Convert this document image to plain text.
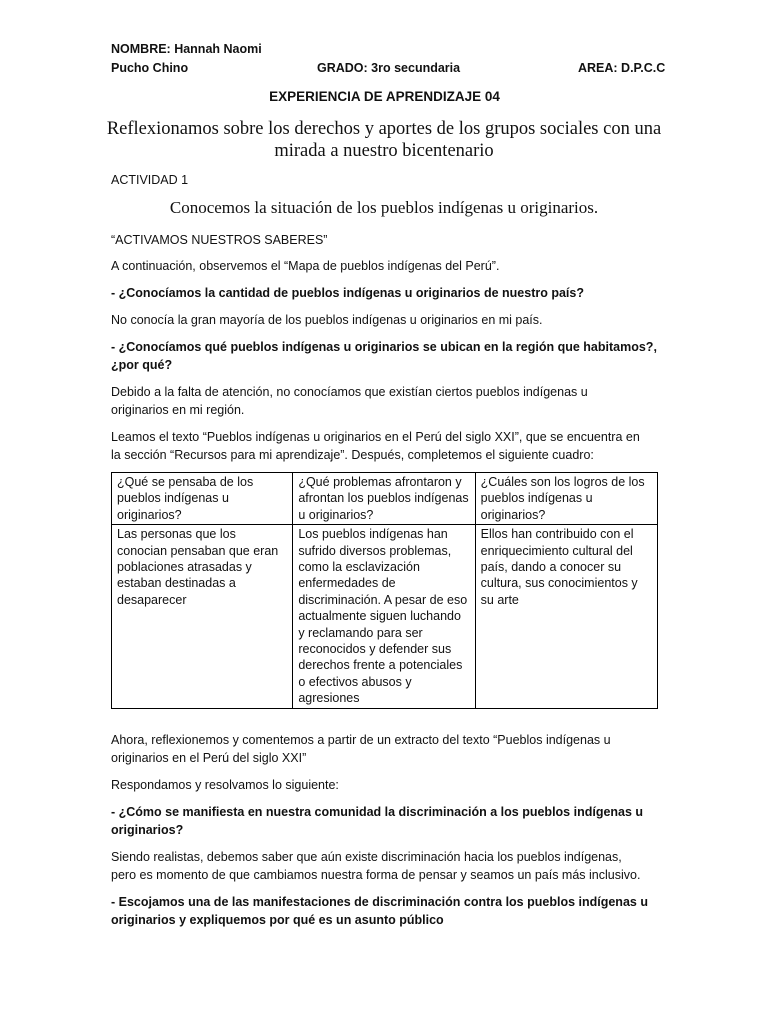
NOMBRE: Hannah Naomi
Pucho Chino	GRADO: 3ro secundaria	AREA: D.P.C.C
EXPERIENCIA DE APRENDIZAJE 04
Reflexionamos sobre los derechos y aportes de los grupos sociales con una
mirada a nuestro bicentenario
ACTIVIDAD 1
Conocemos la situación de los pueblos indígenas u originarios.
“ACTIVAMOS NUESTROS SABERES”
A continuación, observemos el “Mapa de pueblos indígenas del Perú”.
- ¿Conocíamos la cantidad de pueblos indígenas u originarios de nuestro país?
No conocía la gran mayoría de los pueblos indígenas u originarios en mi país.
- ¿Conocíamos qué pueblos indígenas u originarios se ubican en la región que habitamos?,
¿por qué?
Debido a la falta de atención, no conocíamos que existían ciertos pueblos indígenas u
originarios en mi región.
Leamos el texto “Pueblos indígenas u originarios en el Perú del siglo XXI”, que se encuentra en
la sección “Recursos para mi aprendizaje”. Después, completemos el siguiente cuadro:
¿Qué se pensaba de los pueblos indígenas u originarios?	¿Qué problemas afrontaron y afrontan los pueblos indígenas u originarios?	¿Cuáles son los logros de los pueblos indígenas u originarios?
Las personas que los conocian pensaban que eran poblaciones atrasadas y estaban destinadas a desaparecer	Los pueblos indígenas han sufrido diversos problemas, como la esclavización enfermedades de discriminación. A pesar de eso actualmente siguen luchando y reclamando para ser reconocidos y defender sus derechos frente a potenciales o efectivos abusos y agresiones	Ellos han contribuido con el enriquecimiento cultural del país, dando a conocer su cultura, sus conocimientos y su arte
Ahora, reflexionemos y comentemos a partir de un extracto del texto “Pueblos indígenas u
originarios en el Perú del siglo XXI”
Respondamos y resolvamos lo siguiente:
- ¿Cómo se manifiesta en nuestra comunidad la discriminación a los pueblos indígenas u
originarios?
Siendo realistas, debemos saber que aún existe discriminación hacia los pueblos indígenas,
pero es momento de que cambiamos nuestra forma de pensar y seamos un país más inclusivo.
- Escojamos una de las manifestaciones de discriminación contra los pueblos indígenas u
originarios y expliquemos por qué es un asunto público
